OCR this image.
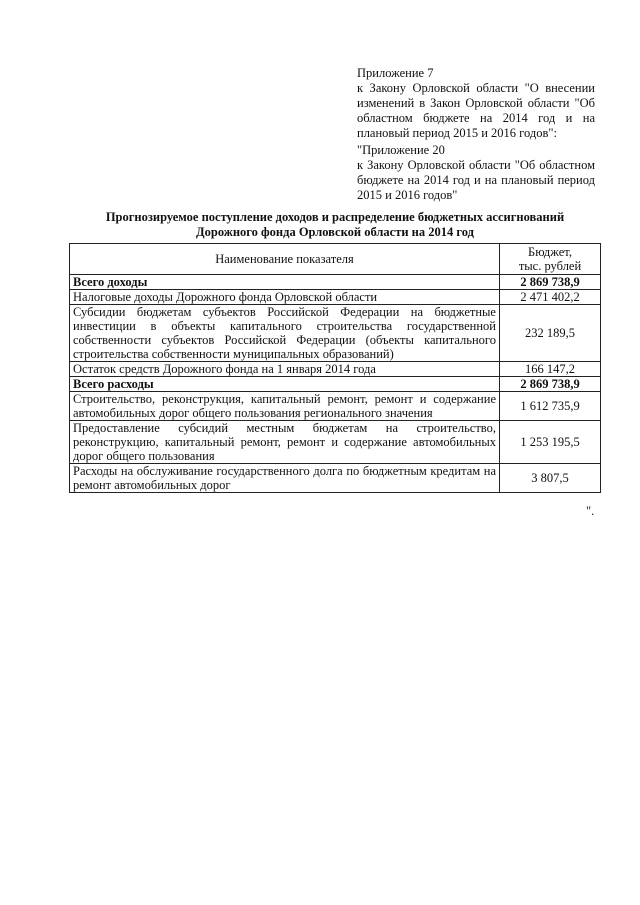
Приложение 7
к Закону Орловской области "О внесении изменений в Закон Орловской области "Об областном бюджете на 2014 год и на плановый период 2015 и 2016 годов":
"Приложение 20
к Закону Орловской области "Об областном бюджете на 2014 год и на плановый период 2015 и 2016 годов"
Прогнозируемое поступление доходов и распределение бюджетных ассигнований
Дорожного фонда Орловской области на 2014 год
Наименование показателя	Бюджет,
тыс. рублей

Всего доходы	2 869 738,9
Налоговые доходы Дорожного фонда Орловской области	2 471 402,2
Субсидии бюджетам субъектов Российской Федерации на бюджетные инвестиции в объекты капитального строительства государственной собственности субъектов Российской Федерации (объекты капитального строительства собственности муниципальных образований)	232 189,5
Остаток средств Дорожного фонда на 1 января 2014 года	166 147,2
Всего расходы	2 869 738,9
Строительство, реконструкция, капитальный ремонт, ремонт и содержание автомобильных дорог общего пользования регионального значения	1 612 735,9
Предоставление субсидий местным бюджетам на строительство, реконструкцию, капитальный ремонт, ремонт и содержание автомобильных дорог общего пользования	1 253 195,5
Расходы на обслуживание государственного долга по бюджетным кредитам на ремонт автомобильных дорог	3 807,5
".
